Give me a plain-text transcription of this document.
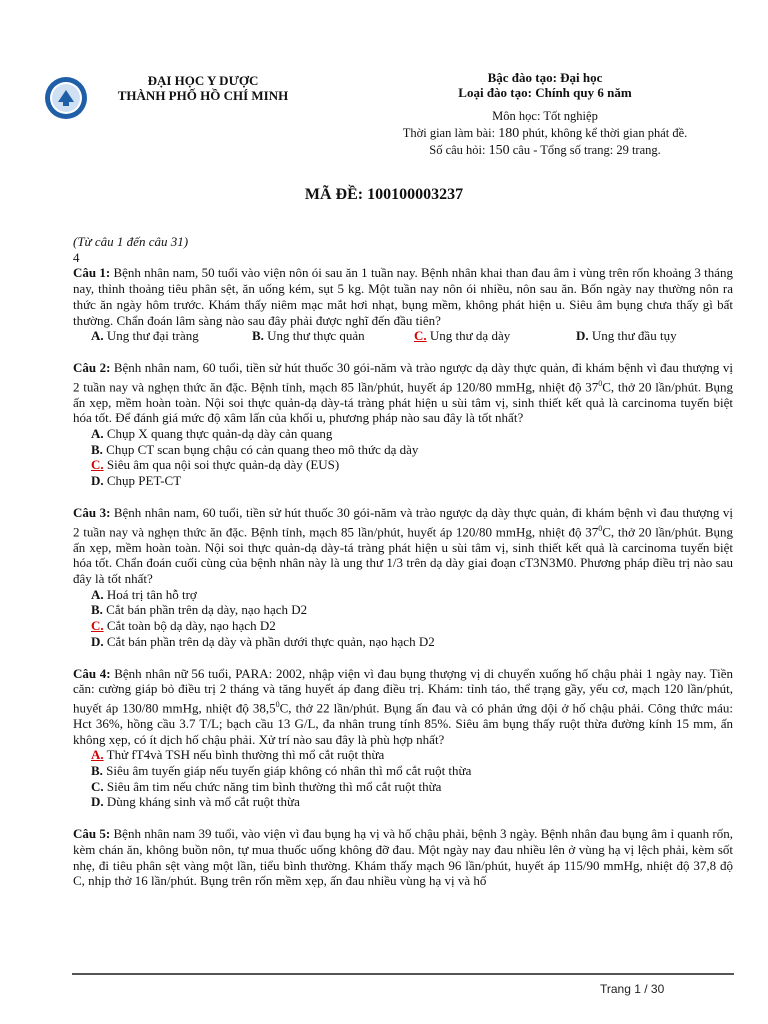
ĐẠI HỌC Y DƯỢC
THÀNH PHỐ HỒ CHÍ MINH
Bậc đào tạo: Đại học
Loại đào tạo: Chính quy 6 năm
Môn học: Tốt nghiệp
Thời gian làm bài: 180 phút, không kể thời gian phát đề.
Số câu hỏi: 150 câu - Tổng số trang: 29 trang.
MÃ ĐỀ: 100100003237
(Từ câu 1 đến câu 31)
4

Câu 1: Bệnh nhân nam, 50 tuổi vào viện nôn ói sau ăn 1 tuần nay. Bệnh nhân khai than đau âm ỉ vùng trên rốn khoảng 3 tháng nay, thỉnh thoảng tiêu phân sệt, ăn uống kém, sụt 5 kg. Một tuần nay nôn ói nhiều, nôn sau ăn. Bốn ngày nay thường nôn ra thức ăn ngày hôm trước. Khám thấy niêm mạc mắt hơi nhạt, bụng mềm, không phát hiện u. Siêu âm bụng chưa thấy gì bất thường. Chẩn đoán lâm sàng nào sau đây phải được nghĩ đến đầu tiên?

A. Ung thư đại tràng	B. Ung thư thực quản	C. Ung thư dạ dày	D. Ung thư đầu tụy

Câu 2: Bệnh nhân nam, 60 tuổi, tiền sử hút thuốc 30 gói-năm và trào ngược dạ dày thực quản, đi khám bệnh vì đau thượng vị 2 tuần nay và nghẹn thức ăn đặc. Bệnh tỉnh, mạch 85 lần/phút, huyết áp 120/80 mmHg, nhiệt độ $37^0C$, thở 20 lần/phút. Bụng ấn xẹp, mềm hoàn toàn. Nội soi thực quản-dạ dày-tá tràng phát hiện u sùi tâm vị, sinh thiết kết quả là carcinoma tuyến biệt hóa tốt. Để đánh giá mức độ xâm lấn của khối u, phương pháp nào sau đây là tốt nhất?

A. Chụp X quang thực quản-dạ dày cản quang
B. Chụp CT scan bụng chậu có cản quang theo mô thức dạ dày
C. Siêu âm qua nội soi thực quản-dạ dày (EUS)
D. Chụp PET-CT

Câu 3: Bệnh nhân nam, 60 tuổi, tiền sử hút thuốc 30 gói-năm và trào ngược dạ dày thực quản, đi khám bệnh vì đau thượng vị 2 tuần nay và nghẹn thức ăn đặc. Bệnh tỉnh, mạch 85 lần/phút, huyết áp 120/80 mmHg, nhiệt độ $37^0C$, thở 20 lần/phút. Bụng ấn xẹp, mềm hoàn toàn. Nội soi thực quản-dạ dày-tá tràng phát hiện u sùi tâm vị, sinh thiết kết quả là carcinoma tuyến biệt hóa tốt. Chẩn đoán cuối cùng của bệnh nhân này là ung thư 1/3 trên dạ dày giai đoạn cT3N3M0. Phương pháp điều trị nào sau đây là tốt nhất?

A. Hoá trị tân hỗ trợ
B. Cắt bán phần trên dạ dày, nạo hạch D2
C. Cắt toàn bộ dạ dày, nạo hạch D2
D. Cắt bán phần trên dạ dày và phần dưới thực quản, nạo hạch D2

Câu 4: Bệnh nhân nữ 56 tuổi, PARA: 2002, nhập viện vì đau bụng thượng vị di chuyển xuống hố chậu phải 1 ngày nay. Tiền căn: cường giáp bỏ điều trị 2 tháng và tăng huyết áp đang điều trị. Khám: tỉnh táo, thể trạng gầy, yếu cơ, mạch 120 lần/phút, huyết áp 130/80 mmHg, nhiệt độ 38,5$^0$C, thở 22 lần/phút. Bụng ấn đau và có phản ứng dội ở hố chậu phải. Công thức máu: Hct 36%, hồng cầu 3.7 T/L; bạch cầu 13 G/L, đa nhân trung tính 85%. Siêu âm bụng thấy ruột thừa đường kính 15 mm, ấn không xẹp, có ít dịch hố chậu phải. Xử trí nào sau đây là phù hợp nhất?

A. Thử fT4và TSH nếu bình thường thì mổ cắt ruột thừa
B. Siêu âm tuyến giáp nếu tuyến giáp không có nhân thì mổ cắt ruột thừa
C. Siêu âm tim nếu chức năng tim bình thường thì mổ cắt ruột thừa
D. Dùng kháng sinh và mổ cắt ruột thừa

Câu 5: Bệnh nhân nam 39 tuổi, vào viện vì đau bụng hạ vị và hố chậu phải, bệnh 3 ngày. Bệnh nhân đau bụng âm ỉ quanh rốn, kèm chán ăn, không buồn nôn, tự mua thuốc uống không đỡ đau. Một ngày nay đau nhiều lên ở vùng hạ vị lệch phải, kèm sốt nhẹ, đi tiêu phân sệt vàng một lần, tiểu bình thường. Khám thấy mạch 96 lần/phút, huyết áp 115/90 mmHg, nhiệt độ 37,8 độ C, nhịp thở 16 lần/phút. Bụng trên rốn mềm xẹp, ấn đau nhiều vùng hạ vị và hố

Trang 1 / 30
